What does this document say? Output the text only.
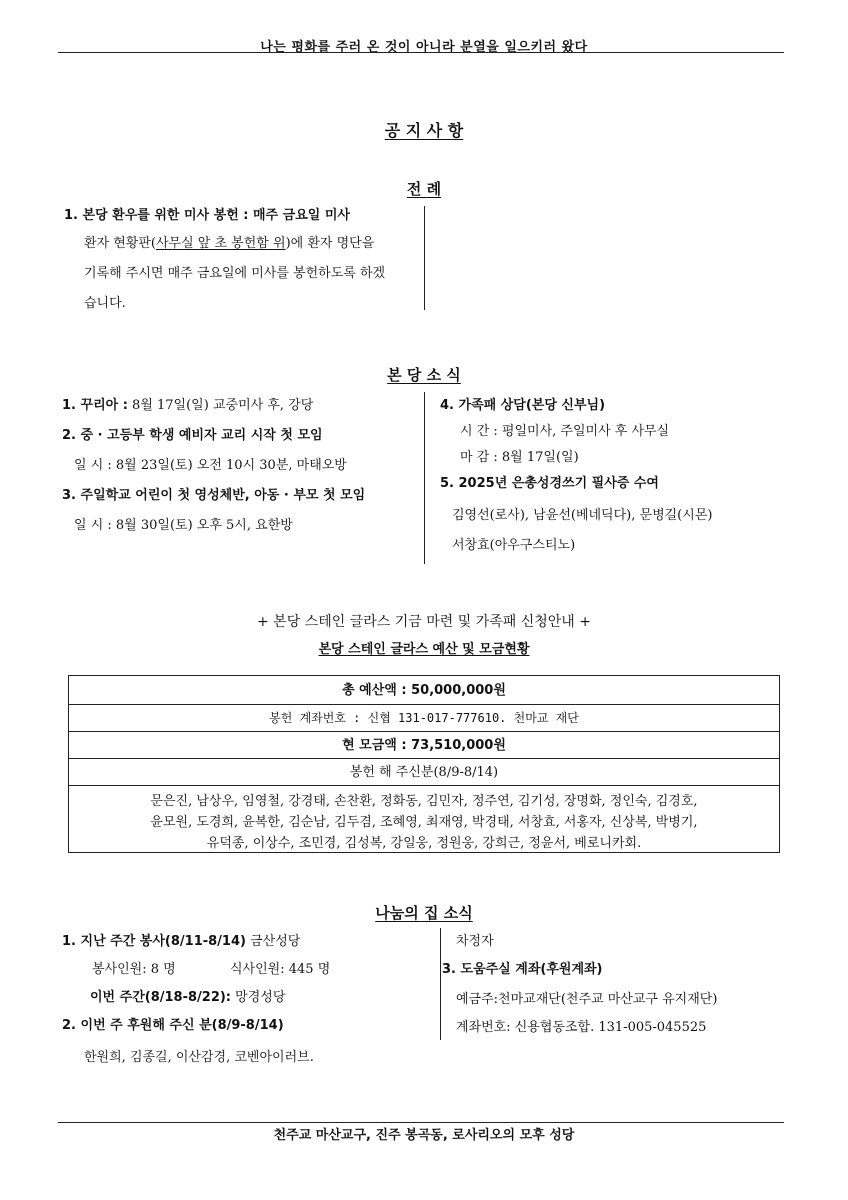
나는 평화를 주러 온 것이 아니라 분열을 일으키러 왔다
공 지 사 항
전 례
1. 본당 환우를 위한 미사 봉헌 : 매주 금요일 미사
환자 현황판(사무실 앞 초 봉헌함 위)에 환자 명단을
기록해 주시면 매주 금요일에 미사를 봉헌하도록 하겠
습니다.
본 당 소 식
1. 꾸리아 : 8월 17일(일) 교중미사 후, 강당
2. 중 · 고등부 학생 예비자 교리 시작 첫 모임
일 시 : 8월 23일(토) 오전 10시 30분, 마태오방
3. 주일학교 어린이 첫 영성체반, 아동 · 부모 첫 모임
일 시 : 8월 30일(토) 오후 5시, 요한방
4. 가족패 상담(본당 신부님)
시 간 : 평일미사, 주일미사 후 사무실
마 감 : 8월 17일(일)
5. 2025년 은총성경쓰기 필사증 수여
김영선(로사), 남윤선(베네딕다), 문병길(시몬)
서창효(아우구스티노)
+ 본당 스테인 글라스 기금 마련 및 가족패 신청안내 +
본당 스테인 글라스 예산 및 모금현황
총 예산액 : 50,000,000원
봉헌 계좌번호 : 신협 131-017-777610. 천마교 재단
현 모금액 : 73,510,000원
봉헌 해 주신분(8/9-8/14)
문은진, 남상우, 임영철, 강경태, 손찬환, 정화동, 김민자, 정주연, 김기성, 장명화, 정인숙, 김경호,
윤모원, 도경희, 윤복한, 김순남, 김두겸, 조혜영, 최재영, 박경태, 서창효, 서홍자, 신상복, 박병기,
유덕종, 이상수, 조민경, 김성복, 강일웅, 정원웅, 강희근, 정윤서, 베로니카회.
나눔의 집 소식
1. 지난 주간 봉사(8/11-8/14) 금산성당
봉사인원: 8 명	식사인원: 445 명
이번 주간(8/18-8/22): 망경성당
2. 이번 주 후원해 주신 분(8/9-8/14)
한원희, 김종길, 이산감경, 코벤아이러브.
차정자
3. 도움주실 계좌(후원계좌)
예금주:천마교재단(천주교 마산교구 유지재단)
계좌번호: 신용협동조합. 131-005-045525
천주교 마산교구, 진주 봉곡동, 로사리오의 모후 성당
